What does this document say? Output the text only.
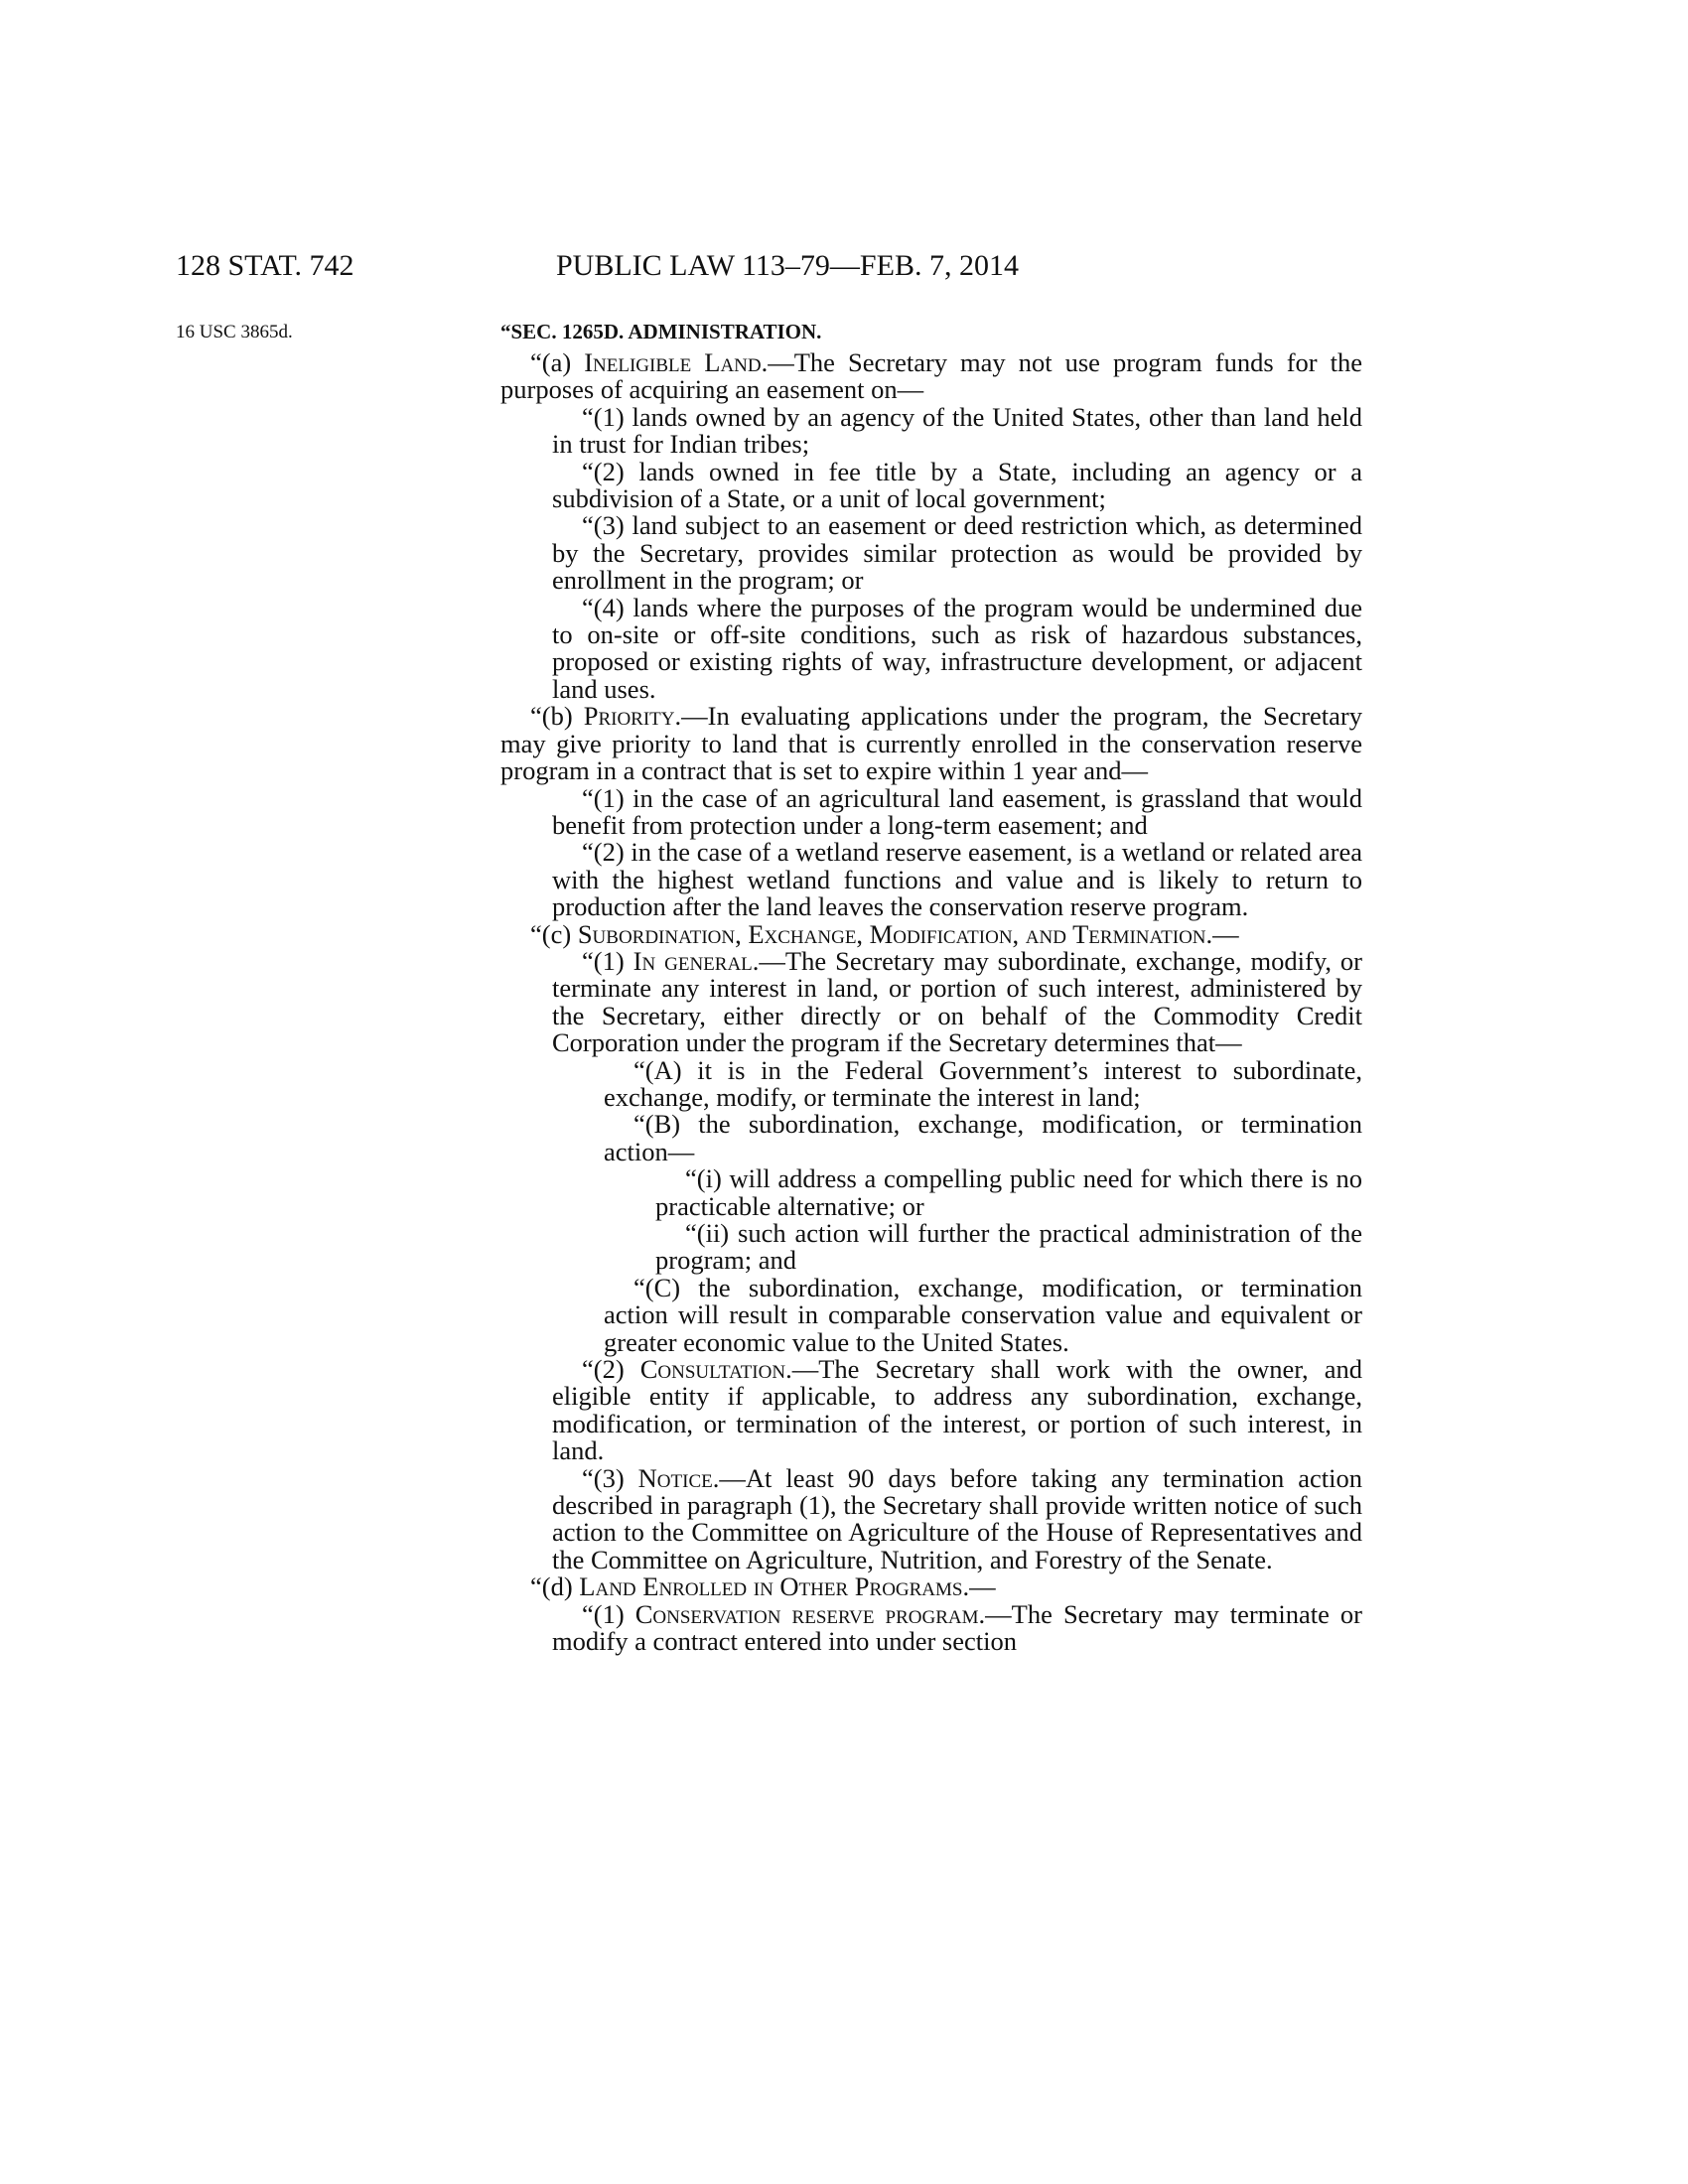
128 STAT. 742	PUBLIC LAW 113–79—FEB. 7, 2014
16 USC 3865d.	“SEC. 1265D. ADMINISTRATION.

“(a) Ineligible Land.—The Secretary may not use program funds for the purposes of acquiring an easement on—

“(1) lands owned by an agency of the United States, other than land held in trust for Indian tribes;

“(2) lands owned in fee title by a State, including an agency or a subdivision of a State, or a unit of local government;

“(3) land subject to an easement or deed restriction which, as determined by the Secretary, provides similar protection as would be provided by enrollment in the program; or

“(4) lands where the purposes of the program would be undermined due to on-site or off-site conditions, such as risk of hazardous substances, proposed or existing rights of way, infrastructure development, or adjacent land uses.

“(b) Priority.—In evaluating applications under the program, the Secretary may give priority to land that is currently enrolled in the conservation reserve program in a contract that is set to expire within 1 year and—

“(1) in the case of an agricultural land easement, is grassland that would benefit from protection under a long-term easement; and

“(2) in the case of a wetland reserve easement, is a wetland or related area with the highest wetland functions and value and is likely to return to production after the land leaves the conservation reserve program.

“(c) Subordination, Exchange, Modification, and Termination.—

“(1) In general.—The Secretary may subordinate, exchange, modify, or terminate any interest in land, or portion of such interest, administered by the Secretary, either directly or on behalf of the Commodity Credit Corporation under the program if the Secretary determines that—

“(A) it is in the Federal Government’s interest to subordinate, exchange, modify, or terminate the interest in land;

“(B) the subordination, exchange, modification, or termination action—

“(i) will address a compelling public need for which there is no practicable alternative; or

“(ii) such action will further the practical administration of the program; and

“(C) the subordination, exchange, modification, or termination action will result in comparable conservation value and equivalent or greater economic value to the United States.

“(2) Consultation.—The Secretary shall work with the owner, and eligible entity if applicable, to address any subordination, exchange, modification, or termination of the interest, or portion of such interest, in land.

“(3) Notice.—At least 90 days before taking any termination action described in paragraph (1), the Secretary shall provide written notice of such action to the Committee on Agriculture of the House of Representatives and the Committee on Agriculture, Nutrition, and Forestry of the Senate.

“(d) Land Enrolled in Other Programs.—

“(1) Conservation reserve program.—The Secretary may terminate or modify a contract entered into under section
